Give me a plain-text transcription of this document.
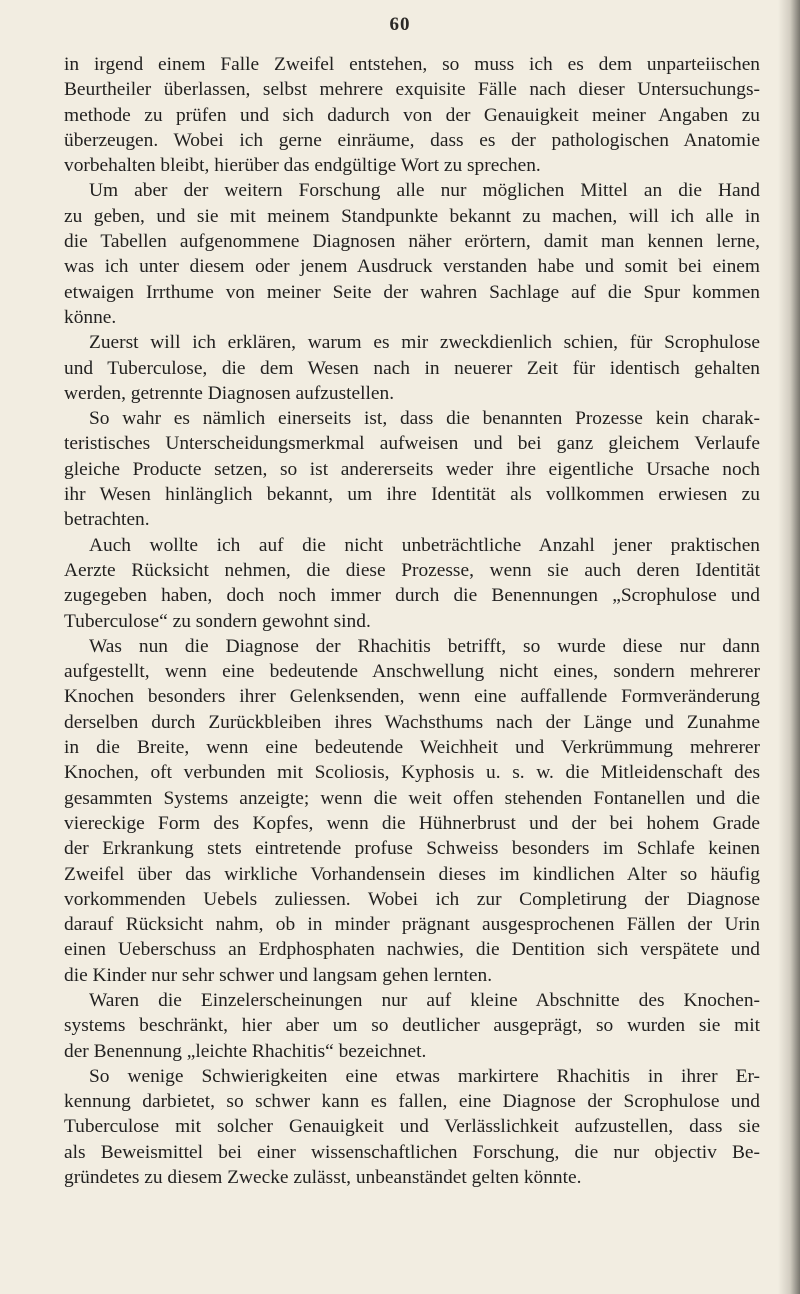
60
in irgend einem Falle Zweifel entstehen, so muss ich es dem unparteiischen
Beurtheiler überlassen, selbst mehrere exquisite Fälle nach dieser Untersuchungs-
methode zu prüfen und sich dadurch von der Genauigkeit meiner Angaben zu
überzeugen. Wobei ich gerne einräume, dass es der pathologischen Anatomie
vorbehalten bleibt, hierüber das endgültige Wort zu sprechen.
Um aber der weitern Forschung alle nur möglichen Mittel an die Hand
zu geben, und sie mit meinem Standpunkte bekannt zu machen, will ich alle in
die Tabellen aufgenommene Diagnosen näher erörtern, damit man kennen lerne,
was ich unter diesem oder jenem Ausdruck verstanden habe und somit bei einem
etwaigen Irrthume von meiner Seite der wahren Sachlage auf die Spur kommen
könne.
Zuerst will ich erklären, warum es mir zweckdienlich schien, für Scrophulose
und Tuberculose, die dem Wesen nach in neuerer Zeit für identisch gehalten
werden, getrennte Diagnosen aufzustellen.
So wahr es nämlich einerseits ist, dass die benannten Prozesse kein charak-
teristisches Unterscheidungsmerkmal aufweisen und bei ganz gleichem Verlaufe
gleiche Producte setzen, so ist andererseits weder ihre eigentliche Ursache noch
ihr Wesen hinlänglich bekannt, um ihre Identität als vollkommen erwiesen zu
betrachten.
Auch wollte ich auf die nicht unbeträchtliche Anzahl jener praktischen
Aerzte Rücksicht nehmen, die diese Prozesse, wenn sie auch deren Identität
zugegeben haben, doch noch immer durch die Benennungen „Scrophulose und
Tuberculose“ zu sondern gewohnt sind.
Was nun die Diagnose der Rhachitis betrifft, so wurde diese nur dann
aufgestellt, wenn eine bedeutende Anschwellung nicht eines, sondern mehrerer
Knochen besonders ihrer Gelenksenden, wenn eine auffallende Formveränderung
derselben durch Zurückbleiben ihres Wachsthums nach der Länge und Zunahme
in die Breite, wenn eine bedeutende Weichheit und Verkrümmung mehrerer
Knochen, oft verbunden mit Scoliosis, Kyphosis u. s. w. die Mitleidenschaft des
gesammten Systems anzeigte; wenn die weit offen stehenden Fontanellen und die
viereckige Form des Kopfes, wenn die Hühnerbrust und der bei hohem Grade
der Erkrankung stets eintretende profuse Schweiss besonders im Schlafe keinen
Zweifel über das wirkliche Vorhandensein dieses im kindlichen Alter so häufig
vorkommenden Uebels zuliessen. Wobei ich zur Completirung der Diagnose
darauf Rücksicht nahm, ob in minder prägnant ausgesprochenen Fällen der Urin
einen Ueberschuss an Erdphosphaten nachwies, die Dentition sich verspätete und
die Kinder nur sehr schwer und langsam gehen lernten.
Waren die Einzelerscheinungen nur auf kleine Abschnitte des Knochen-
systems beschränkt, hier aber um so deutlicher ausgeprägt, so wurden sie mit
der Benennung „leichte Rhachitis“ bezeichnet.
So wenige Schwierigkeiten eine etwas markirtere Rhachitis in ihrer Er-
kennung darbietet, so schwer kann es fallen, eine Diagnose der Scrophulose und
Tuberculose mit solcher Genauigkeit und Verlässlichkeit aufzustellen, dass sie
als Beweismittel bei einer wissenschaftlichen Forschung, die nur objectiv Be-
gründetes zu diesem Zwecke zulässt, unbeanständet gelten könnte.
